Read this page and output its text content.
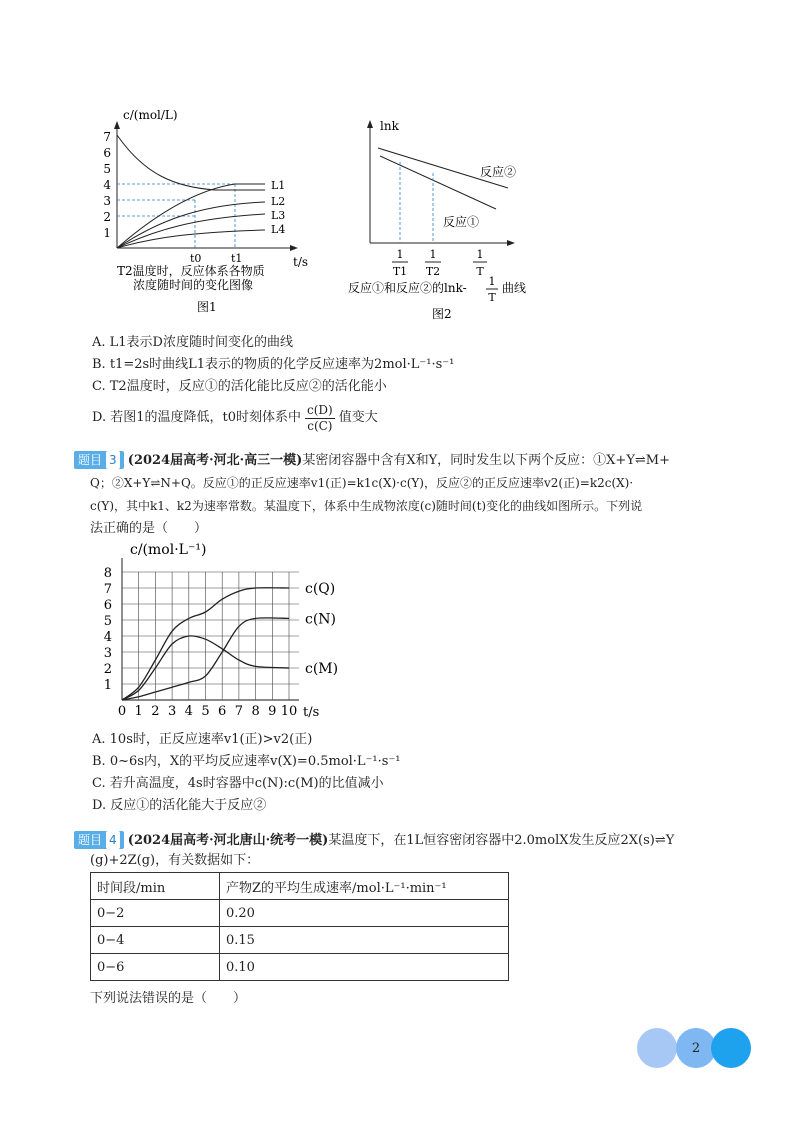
c/(mol/L)
t/s
1
2
3
4
5
6
7
L1
L2
L3
L4
t0	t1
T2温度时，反应体系各物质
浓度随时间的变化图像
图1
lnk
反应②
反应①
1
T1
1
T2
1
T
反应①和反应②的lnk- 1
T
曲线
图2
A. L1表示D浓度随时间变化的曲线
B. t1=2s时曲线L1表示的物质的化学反应速率为2mol·L⁻¹·s⁻¹
C. T2温度时，反应①的活化能比反应②的活化能小
D. 若图1的温度降低，t0时刻体系中 $\frac{c(D)}{c(C)}$ 值变大
题目 3 (2024届高考·河北·高三一模)某密闭容器中含有X和Y，同时发生以下两个反应：①X+Y⇌M+
Q；②X+Y⇌N+Q。反应①的正反应速率v1(正)=k1c(X)·c(Y)，反应②的正反应速率v2(正)=k2c(X)·
c(Y)，其中k1、k2为速率常数。某温度下，体系中生成物浓度(c)随时间(t)变化的曲线如图所示。下列说
法正确的是（　　）
c/(mol·L⁻¹)
t/s
0 1 2 3 4 5 6 7 8 9 10
1
2
3
4
5
6
7
8
c(Q)
c(N)
c(M)
A. 10s时，正反应速率v1(正)>v2(正)
B. 0~6s内，X的平均反应速率v(X)=0.5mol·L⁻¹·s⁻¹
C. 若升高温度，4s时容器中c(N):c(M)的比值减小
D. 反应①的活化能大于反应②
题目 4 (2024届高考·河北唐山·统考一模)某温度下，在1L恒容密闭容器中2.0molX发生反应2X(s)⇌Y
(g)+2Z(g)，有关数据如下：
时间段/min	产物Z的平均生成速率/mol·L⁻¹·min⁻¹
0−2	0.20
0−4	0.15
0−6	0.10
下列说法错误的是（　　）
2
